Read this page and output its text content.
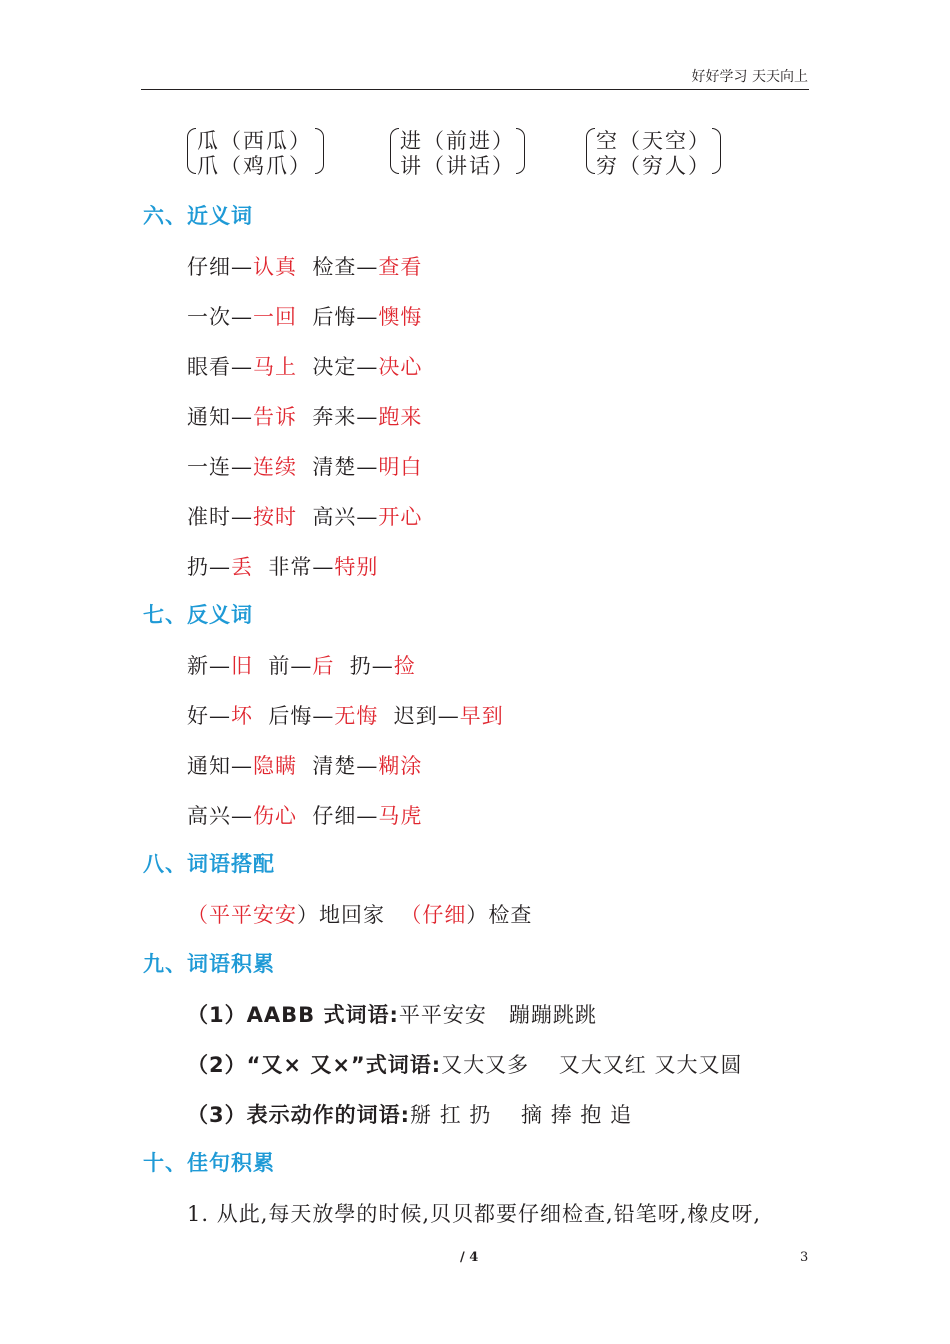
好好学习 天天向上
瓜（西瓜）
爪（鸡爪）
进（前进）
讲（讲话）
空（天空）
穷（穷人）
六、近义词
仔细—认真 检查—查看
一次—一回 后悔—懊悔
眼看—马上 决定—决心
通知—告诉 奔来—跑来
一连—连续 清楚—明白
准时—按时 高兴—开心
扔—丢 非常—特别
七、反义词
新—旧 前—后 扔—捡
好—坏 后悔—无悔 迟到—早到
通知—隐瞒 清楚—糊涂
高兴—伤心 仔细—马虎
八、词语搭配
（平平安安）地回家 （仔细）检查
九、词语积累
（1）AABB 式词语:平平安安　蹦蹦跳跳
（2）“又× 又×”式词语:又大又多　 又大又红 又大又圆
（3）表示动作的词语:掰 扛 扔　 摘 捧 抱 追
十、佳句积累
1. 从此,每天放學的时候,贝贝都要仔细检查,铅笔呀,橡皮呀,
/ 4	3
